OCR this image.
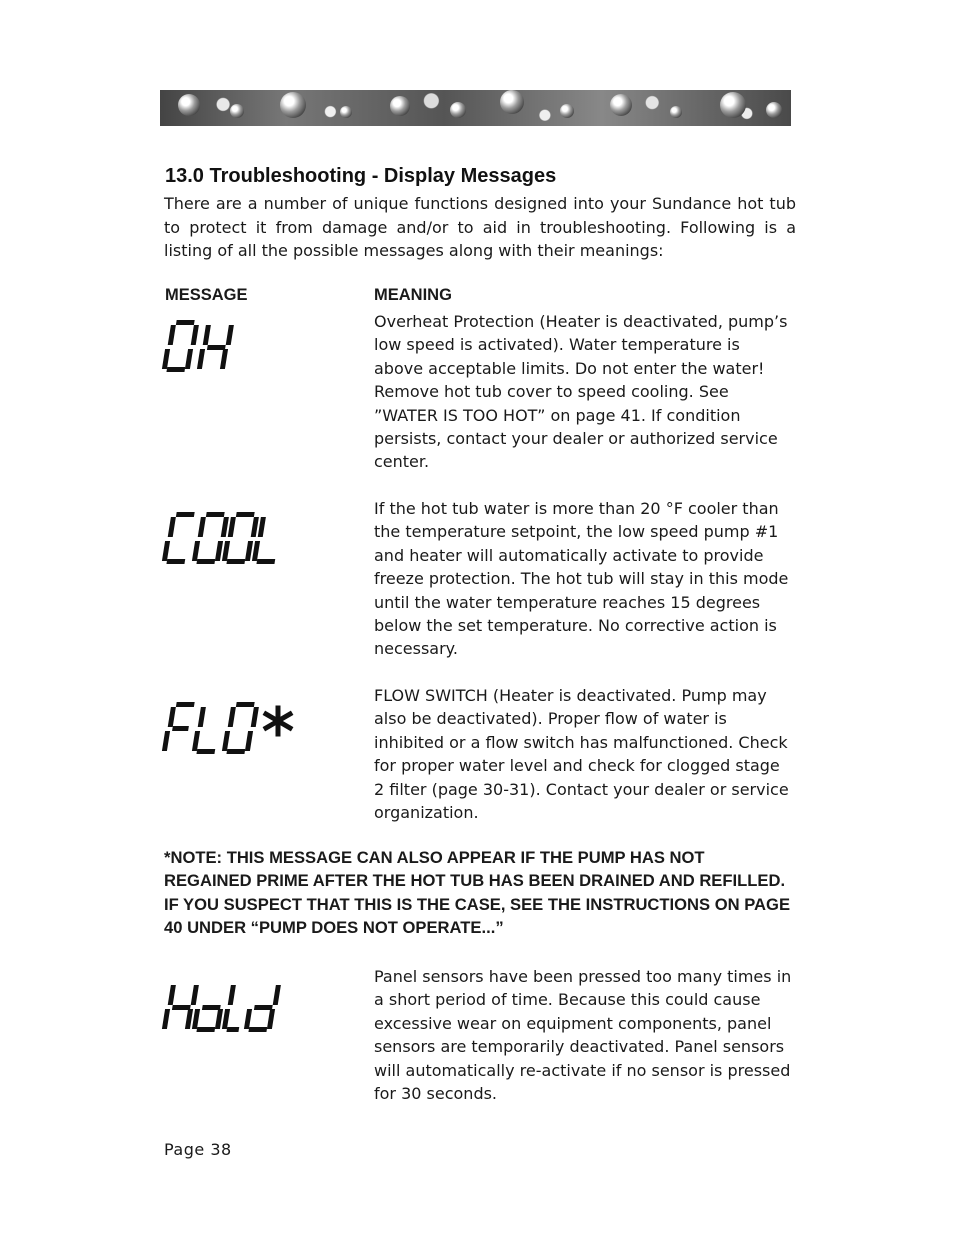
13.0 Troubleshooting - Display Messages

There are a number of unique functions designed into your Sundance hot tub to protect it from damage and/or to aid in troubleshooting. Following is a listing of all the possible messages along with their meanings:

MESSAGE	MEANING

Overheat Protection (Heater is deactivated, pump’s low speed is activated). Water temperature is above acceptable limits. Do not enter the water! Remove hot tub cover to speed cooling. See ”WATER IS TOO HOT” on page 41. If condition persists, contact your dealer or authorized service center.

If the hot tub water is more than 20 °F cooler than the temperature setpoint, the low speed pump #1 and heater will automatically activate to provide freeze protection. The hot tub will stay in this mode until the water temperature reaches 15 degrees below the set temperature. No corrective action is necessary.

FLOW SWITCH (Heater is deactivated. Pump may also be deactivated). Proper flow of water is inhibited or a flow switch has malfunctioned. Check for proper water level and check for clogged stage 2 filter (page 30-31). Contact your dealer or service organization.

*NOTE: THIS MESSAGE CAN ALSO APPEAR IF THE PUMP HAS NOT REGAINED PRIME AFTER THE HOT TUB HAS BEEN DRAINED AND REFILLED. IF YOU SUSPECT THAT THIS IS THE CASE, SEE THE INSTRUCTIONS ON PAGE 40 UNDER “PUMP DOES NOT OPERATE...”

Panel sensors have been pressed too many times in a short period of time. Because this could cause excessive wear on equipment components, panel sensors are temporarily deactivated. Panel sensors will automatically re-activate if no sensor is pressed for 30 seconds.

Page 38
